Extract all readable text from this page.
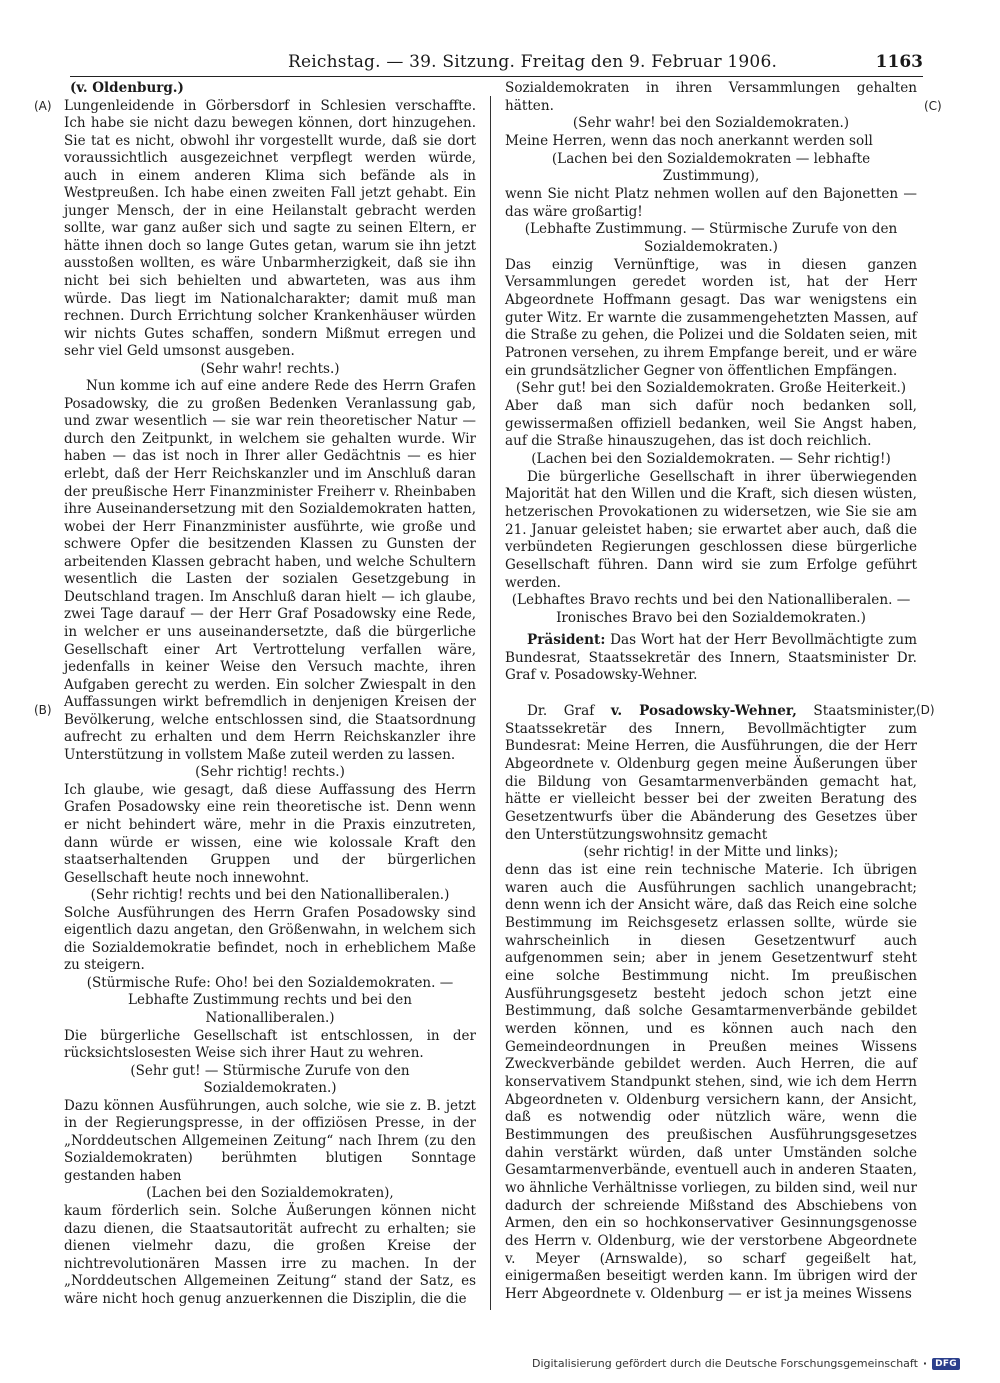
Reichstag. — 39. Sitzung. Freitag den 9. Februar 1906.	1163
(A)
(B)
(C)
(D)

(v. Oldenburg.)

Lungenleidende in Görbersdorf in Schlesien verschaffte. Ich habe sie nicht dazu bewegen können, dort hinzugehen. Sie tat es nicht, obwohl ihr vorgestellt wurde, daß sie dort voraussichtlich ausgezeichnet verpflegt werden würde, auch in einem anderen Klima sich befände als in Westpreußen. Ich habe einen zweiten Fall jetzt gehabt. Ein junger Mensch, der in eine Heilanstalt gebracht werden sollte, war ganz außer sich und sagte zu seinen Eltern, er hätte ihnen doch so lange Gutes getan, warum sie ihn jetzt ausstoßen wollten, es wäre Unbarmherzigkeit, daß sie ihn nicht bei sich behielten und abwarteten, was aus ihm würde. Das liegt im Nationalcharakter; damit muß man rechnen. Durch Errichtung solcher Krankenhäuser würden wir nichts Gutes schaffen, sondern Mißmut erregen und sehr viel Geld umsonst ausgeben.

(Sehr wahr! rechts.)

Nun komme ich auf eine andere Rede des Herrn Grafen Posadowsky, die zu großen Bedenken Veranlassung gab, und zwar wesentlich — sie war rein theoretischer Natur — durch den Zeitpunkt, in welchem sie gehalten wurde. Wir haben — das ist noch in Ihrer aller Gedächtnis — es hier erlebt, daß der Herr Reichskanzler und im Anschluß daran der preußische Herr Finanzminister Freiherr v. Rheinbaben ihre Auseinandersetzung mit den Sozialdemokraten hatten, wobei der Herr Finanzminister ausführte, wie große und schwere Opfer die besitzenden Klassen zu Gunsten der arbeitenden Klassen gebracht haben, und welche Schultern wesentlich die Lasten der sozialen Gesetzgebung in Deutschland tragen. Im Anschluß daran hielt — ich glaube, zwei Tage darauf — der Herr Graf Posadowsky eine Rede, in welcher er uns auseinandersetzte, daß die bürgerliche Gesellschaft einer Art Vertrottelung verfallen wäre, jedenfalls in keiner Weise den Versuch machte, ihren Aufgaben gerecht zu werden. Ein solcher Zwiespalt in den Auffassungen wirkt befremdlich in denjenigen Kreisen der Bevölkerung, welche entschlossen sind, die Staatsordnung aufrecht zu erhalten und dem Herrn Reichskanzler ihre Unterstützung in vollstem Maße zuteil werden zu lassen.

(Sehr richtig! rechts.)

Ich glaube, wie gesagt, daß diese Auffassung des Herrn Grafen Posadowsky eine rein theoretische ist. Denn wenn er nicht behindert wäre, mehr in die Praxis einzutreten, dann würde er wissen, eine wie kolossale Kraft den staatserhaltenden Gruppen und der bürgerlichen Gesellschaft heute noch innewohnt.

(Sehr richtig! rechts und bei den Nationalliberalen.)

Solche Ausführungen des Herrn Grafen Posadowsky sind eigentlich dazu angetan, den Größenwahn, in welchem sich die Sozialdemokratie befindet, noch in erheblichem Maße zu steigern.

(Stürmische Rufe: Oho! bei den Sozialdemokraten. — Lebhafte Zustimmung rechts und bei den Nationalliberalen.)

Die bürgerliche Gesellschaft ist entschlossen, in der rücksichtslosesten Weise sich ihrer Haut zu wehren.

(Sehr gut! — Stürmische Zurufe von den Sozialdemokraten.)

Dazu können Ausführungen, auch solche, wie sie z. B. jetzt in der Regierungspresse, in der offiziösen Presse, in der „Norddeutschen Allgemeinen Zeitung“ nach Ihrem (zu den Sozialdemokraten) berühmten blutigen Sonntage gestanden haben

(Lachen bei den Sozialdemokraten),

kaum förderlich sein. Solche Äußerungen können nicht dazu dienen, die Staatsautorität aufrecht zu erhalten; sie dienen vielmehr dazu, die großen Kreise der nichtrevolutionären Massen irre zu machen. In der „Norddeutschen Allgemeinen Zeitung“ stand der Satz, es wäre nicht hoch genug anzuerkennen die Disziplin, die die

Sozialdemokraten in ihren Versammlungen gehalten hätten.

(Sehr wahr! bei den Sozialdemokraten.)

Meine Herren, wenn das noch anerkannt werden soll

(Lachen bei den Sozialdemokraten — lebhafte Zustimmung),

wenn Sie nicht Platz nehmen wollen auf den Bajonetten — das wäre großartig!

(Lebhafte Zustimmung. — Stürmische Zurufe von den Sozialdemokraten.)

Das einzig Vernünftige, was in diesen ganzen Versammlungen geredet worden ist, hat der Herr Abgeordnete Hoffmann gesagt. Das war wenigstens ein guter Witz. Er warnte die zusammengehetzten Massen, auf die Straße zu gehen, die Polizei und die Soldaten seien, mit Patronen versehen, zu ihrem Empfange bereit, und er wäre ein grundsätzlicher Gegner von öffentlichen Empfängen.

(Sehr gut! bei den Sozialdemokraten. Große Heiterkeit.)

Aber daß man sich dafür noch bedanken soll, gewissermaßen offiziell bedanken, weil Sie Angst haben, auf die Straße hinauszugehen, das ist doch reichlich.

(Lachen bei den Sozialdemokraten. — Sehr richtig!)

Die bürgerliche Gesellschaft in ihrer überwiegenden Majorität hat den Willen und die Kraft, sich diesen wüsten, hetzerischen Provokationen zu widersetzen, wie Sie sie am 21. Januar geleistet haben; sie erwartet aber auch, daß die verbündeten Regierungen geschlossen diese bürgerliche Gesellschaft führen. Dann wird sie zum Erfolge geführt werden.

(Lebhaftes Bravo rechts und bei den Nationalliberalen. — Ironisches Bravo bei den Sozialdemokraten.)

Präsident: Das Wort hat der Herr Bevollmächtigte zum Bundesrat, Staatssekretär des Innern, Staatsminister Dr. Graf v. Posadowsky-Wehner.

Dr. Graf v. Posadowsky-Wehner, Staatsminister, Staatssekretär des Innern, Bevollmächtigter zum Bundesrat: Meine Herren, die Ausführungen, die der Herr Abgeordnete v. Oldenburg gegen meine Äußerungen über die Bildung von Gesamtarmenverbänden gemacht hat, hätte er vielleicht besser bei der zweiten Beratung des Gesetzentwurfs über die Abänderung des Gesetzes über den Unterstützungswohnsitz gemacht

(sehr richtig! in der Mitte und links);

denn das ist eine rein technische Materie. Ich übrigen waren auch die Ausführungen sachlich unangebracht; denn wenn ich der Ansicht wäre, daß das Reich eine solche Bestimmung im Reichsgesetz erlassen sollte, würde sie wahrscheinlich in diesen Gesetzentwurf auch aufgenommen sein; aber in jenem Gesetzentwurf steht eine solche Bestimmung nicht. Im preußischen Ausführungsgesetz besteht jedoch schon jetzt eine Bestimmung, daß solche Gesamtarmenverbände gebildet werden können, und es können auch nach den Gemeindeordnungen in Preußen meines Wissens Zweckverbände gebildet werden. Auch Herren, die auf konservativem Standpunkt stehen, sind, wie ich dem Herrn Abgeordneten v. Oldenburg versichern kann, der Ansicht, daß es notwendig oder nützlich wäre, wenn die Bestimmungen des preußischen Ausführungsgesetzes dahin verstärkt würden, daß unter Umständen solche Gesamtarmenverbände, eventuell auch in anderen Staaten, wo ähnliche Verhältnisse vorliegen, zu bilden sind, weil nur dadurch der schreiende Mißstand des Abschiebens von Armen, den ein so hochkonservativer Gesinnungsgenosse des Herrn v. Oldenburg, wie der verstorbene Abgeordnete v. Meyer (Arnswalde), so scharf gegeißelt hat, einigermaßen beseitigt werden kann. Im übrigen wird der Herr Abgeordnete v. Oldenburg — er ist ja meines Wissens

Digitalisierung gefördert durch die Deutsche Forschungsgemeinschaft · DFG
